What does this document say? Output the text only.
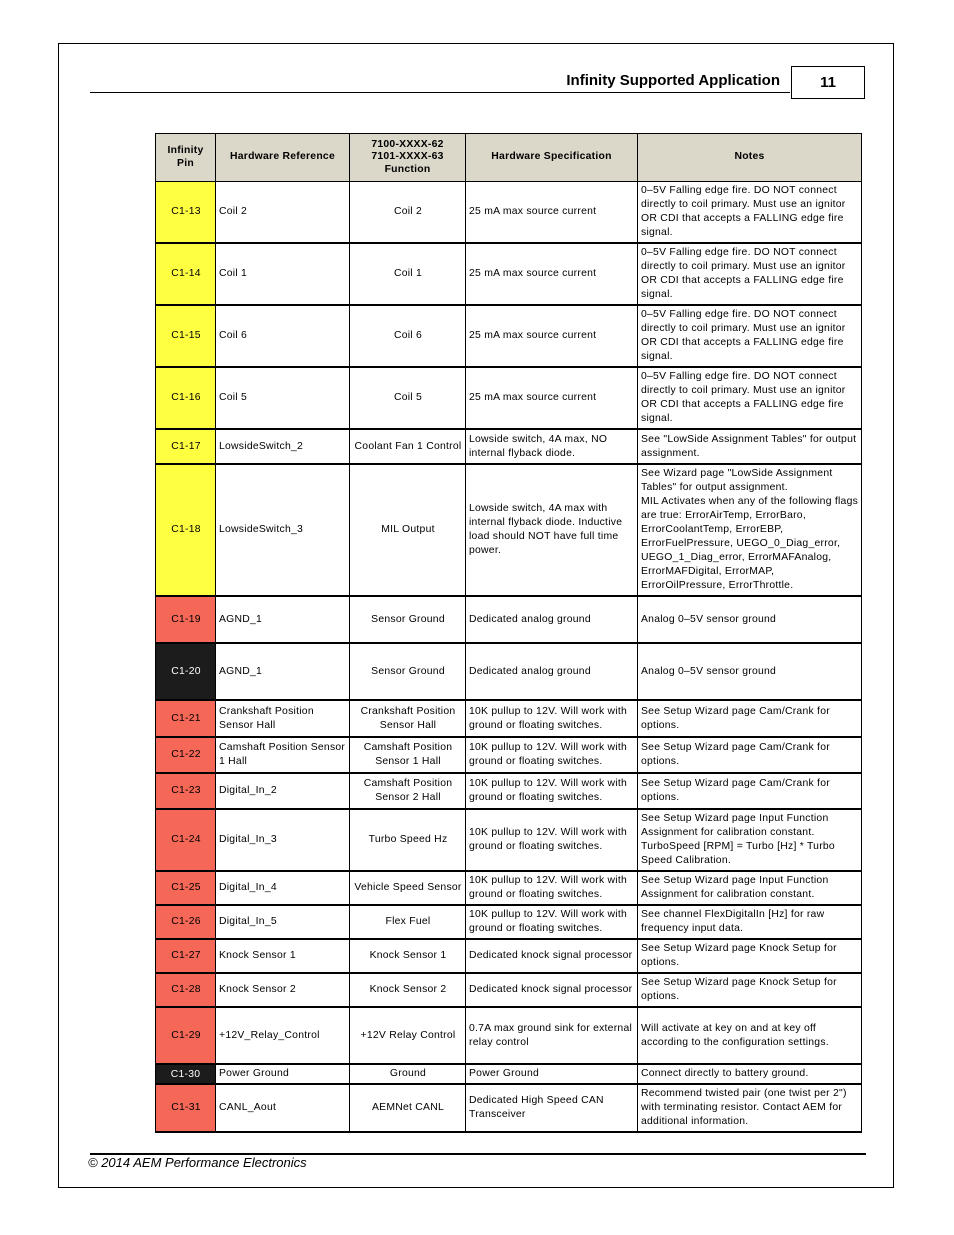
Infinity Supported Application	11
Infinity Pin	Hardware Reference	7100-XXXX-62
7101-XXXX-63
Function	Hardware Specification	Notes
C1-13	Coil 2	Coil 2	25 mA max source current	0–5V Falling edge fire. DO NOT connect directly to coil primary. Must use an ignitor OR CDI that accepts a FALLING edge fire signal.
C1-14	Coil 1	Coil 1	25 mA max source current	0–5V Falling edge fire. DO NOT connect directly to coil primary. Must use an ignitor OR CDI that accepts a FALLING edge fire signal.
C1-15	Coil 6	Coil 6	25 mA max source current	0–5V Falling edge fire. DO NOT connect directly to coil primary. Must use an ignitor OR CDI that accepts a FALLING edge fire signal.
C1-16	Coil 5	Coil 5	25 mA max source current	0–5V Falling edge fire. DO NOT connect directly to coil primary. Must use an ignitor OR CDI that accepts a FALLING edge fire signal.
C1-17	LowsideSwitch_2	Coolant Fan 1 Control	Lowside switch, 4A max, NO internal flyback diode.	See "LowSide Assignment Tables" for output assignment.
C1-18	LowsideSwitch_3	MIL Output	Lowside switch, 4A max with internal flyback diode. Inductive load should NOT have full time power.	See Wizard page "LowSide Assignment Tables" for output assignment.
MIL Activates when any of the following flags are true: ErrorAirTemp, ErrorBaro, ErrorCoolantTemp, ErrorEBP, ErrorFuelPressure, UEGO_0_Diag_error, UEGO_1_Diag_error, ErrorMAFAnalog, ErrorMAFDigital, ErrorMAP, ErrorOilPressure, ErrorThrottle.
C1-19	AGND_1	Sensor Ground	Dedicated analog ground	Analog 0–5V sensor ground
C1-20	AGND_1	Sensor Ground	Dedicated analog ground	Analog 0–5V sensor ground
C1-21	Crankshaft Position Sensor Hall	Crankshaft Position Sensor Hall	10K pullup to 12V. Will work with ground or floating switches.	See Setup Wizard page Cam/Crank for options.
C1-22	Camshaft Position Sensor 1 Hall	Camshaft Position Sensor 1 Hall	10K pullup to 12V. Will work with ground or floating switches.	See Setup Wizard page Cam/Crank for options.
C1-23	Digital_In_2	Camshaft Position Sensor 2 Hall	10K pullup to 12V. Will work with ground or floating switches.	See Setup Wizard page Cam/Crank for options.
C1-24	Digital_In_3	Turbo Speed Hz	10K pullup to 12V. Will work with ground or floating switches.	See Setup Wizard page Input Function Assignment for calibration constant. TurboSpeed [RPM] = Turbo [Hz] * Turbo Speed Calibration.
C1-25	Digital_In_4	Vehicle Speed Sensor	10K pullup to 12V. Will work with ground or floating switches.	See Setup Wizard page Input Function Assignment for calibration constant.
C1-26	Digital_In_5	Flex Fuel	10K pullup to 12V. Will work with ground or floating switches.	See channel FlexDigitalIn [Hz] for raw frequency input data.
C1-27	Knock Sensor 1	Knock Sensor 1	Dedicated knock signal processor	See Setup Wizard page Knock Setup for options.
C1-28	Knock Sensor 2	Knock Sensor 2	Dedicated knock signal processor	See Setup Wizard page Knock Setup for options.
C1-29	+12V_Relay_Control	+12V Relay Control	0.7A max ground sink for external relay control	Will activate at key on and at key off according to the configuration settings.

C1-30	Power Ground	Ground	Power Ground	Connect directly to battery ground.
C1-31	CANL_Aout	AEMNet CANL	Dedicated High Speed CAN Transceiver	Recommend twisted pair (one twist per 2") with terminating resistor. Contact AEM for additional information.
© 2014 AEM Performance Electronics
